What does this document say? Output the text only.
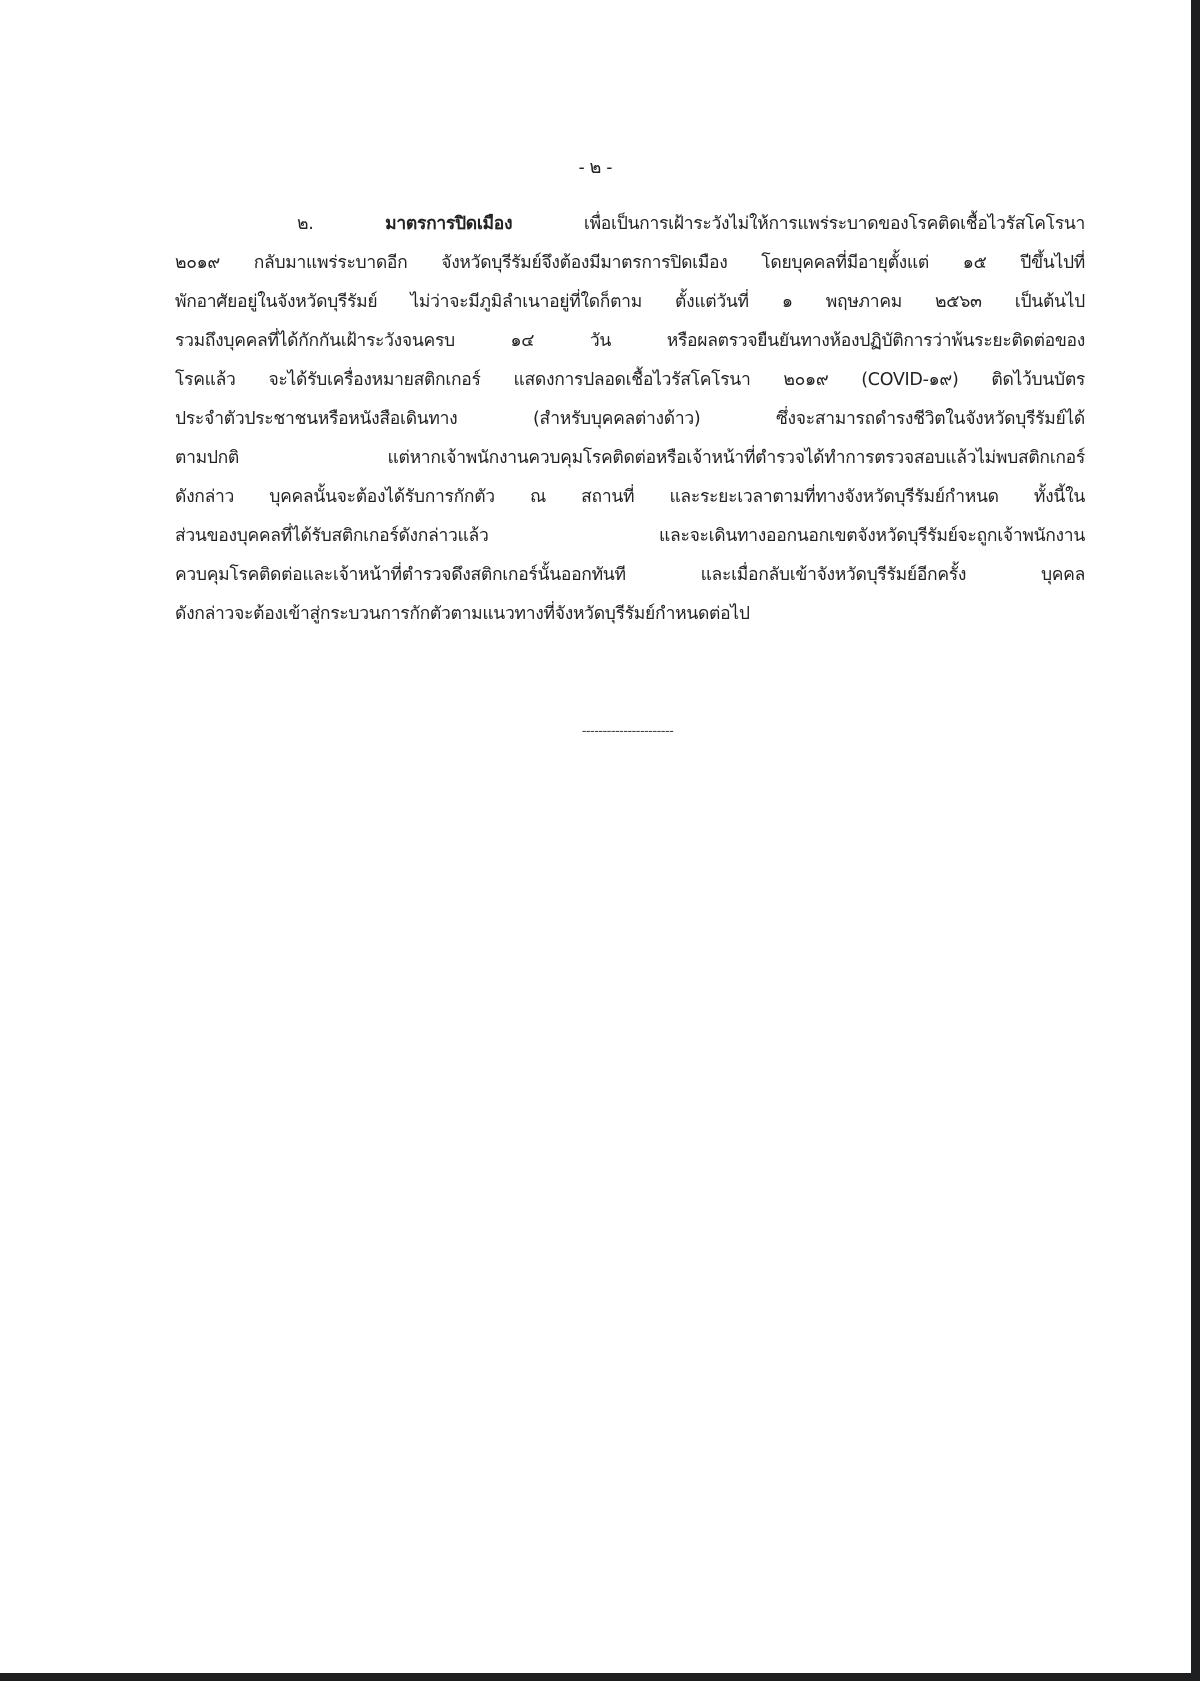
- ๒ -
๒.	มาตรการปิดเมือง	เพื่อเป็นการเฝ้าระวังไม่ให้การแพร่ระบาดของโรคติดเชื้อไวรัสโคโรนา
๒๐๑๙ กลับมาแพร่ระบาดอีก จังหวัดบุรีรัมย์จึงต้องมีมาตรการปิดเมือง โดยบุคคลที่มีอายุตั้งแต่ ๑๕ ปีขึ้นไปที่
พักอาศัยอยู่ในจังหวัดบุรีรัมย์ ไม่ว่าจะมีภูมิลำเนาอยู่ที่ใดก็ตาม ตั้งแต่วันที่ ๑ พฤษภาคม ๒๕๖๓ เป็นต้นไป
รวมถึงบุคคลที่ได้กักกันเฝ้าระวังจนครบ ๑๔ วัน หรือผลตรวจยืนยันทางห้องปฏิบัติการว่าพ้นระยะติดต่อของ
โรคแล้ว จะได้รับเครื่องหมายสติกเกอร์ แสดงการปลอดเชื้อไวรัสโคโรนา ๒๐๑๙ (COVID-๑๙) ติดไว้บนบัตร
ประจำตัวประชาชนหรือหนังสือเดินทาง (สำหรับบุคคลต่างด้าว) ซึ่งจะสามารถดำรงชีวิตในจังหวัดบุรีรัมย์ได้
ตามปกติ แต่หากเจ้าพนักงานควบคุมโรคติดต่อหรือเจ้าหน้าที่ตำรวจได้ทำการตรวจสอบแล้วไม่พบสติกเกอร์
ดังกล่าว บุคคลนั้นจะต้องได้รับการกักตัว ณ สถานที่ และระยะเวลาตามที่ทางจังหวัดบุรีรัมย์กำหนด ทั้งนี้ใน
ส่วนของบุคคลที่ได้รับสติกเกอร์ดังกล่าวแล้ว และจะเดินทางออกนอกเขตจังหวัดบุรีรัมย์จะถูกเจ้าพนักงาน
ควบคุมโรคติดต่อและเจ้าหน้าที่ตำรวจดึงสติกเกอร์นั้นออกทันที และเมื่อกลับเข้าจังหวัดบุรีรัมย์อีกครั้ง บุคคล
ดังกล่าวจะต้องเข้าสู่กระบวนการกักตัวตามแนวทางที่จังหวัดบุรีรัมย์กำหนดต่อไป
----------------------
